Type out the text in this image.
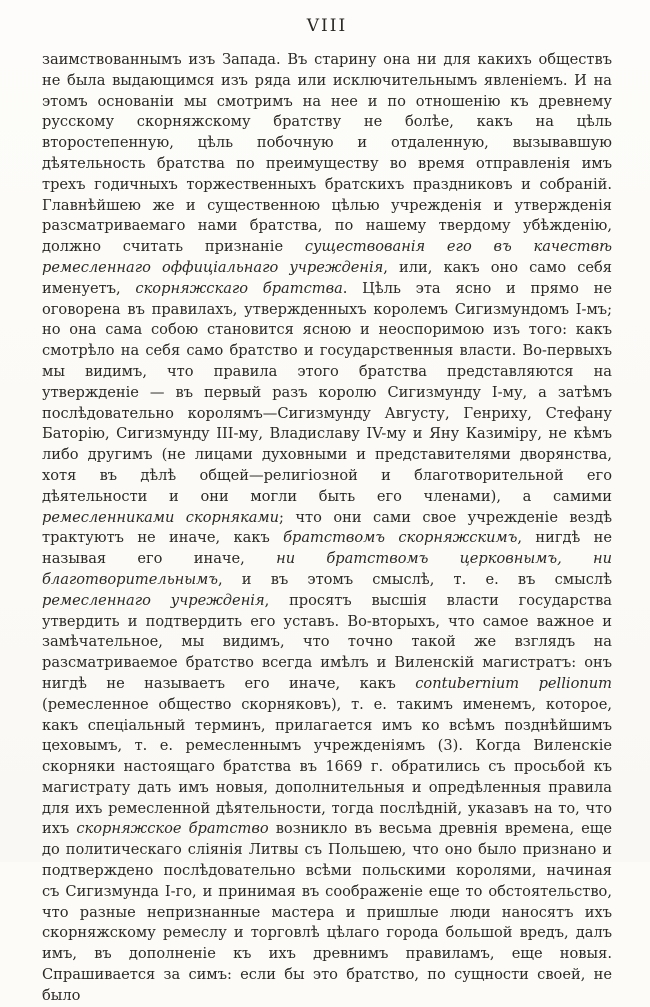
VIII

заимствованнымъ изъ Запада. Въ старину она ни для какихъ обществъ не была выдающимся изъ ряда или исключительнымъ явленіемъ. И на этомъ основаніи мы смотримъ на нее и по отношенію къ древнему русскому скорняжскому братству не болѣе, какъ на цѣль второстепенную, цѣль побочную и отдаленную, вызывавшую дѣятельность братства по преимуществу во время отправленія имъ трехъ годичныхъ торжественныхъ братскихъ праздниковъ и собраній. Главнѣйшею же и существенною цѣлью учрежденія и утвержденія разсматриваемаго нами братства, по нашему твердому убѣжденію, должно считать признаніе существованія его въ качествѣ ремесленнаго оффиціальнаго учрежденія, или, какъ оно само себя именуетъ, скорняжскаго братства. Цѣль эта ясно и прямо не оговорена въ правилахъ, утвержденныхъ королемъ Сигизмундомъ I-мъ; но она сама собою становится ясною и неоспоримою изъ того: какъ смотрѣло на себя само братство и государственныя власти. Во-первыхъ мы видимъ, что правила этого братства представляются на утвержденіе — въ первый разъ королю Сигизмунду I-му, а затѣмъ послѣдовательно королямъ—Сигизмунду Августу, Генриху, Стефану Баторію, Сигизмунду III-му, Владиславу IV-му и Яну Казиміру, не кѣмъ либо другимъ (не лицами духовными и представителями дворянства, хотя въ дѣлѣ общей—религіозной и благотворительной его дѣятельности и они могли быть его членами), а самими ремесленниками скорняками; что они сами свое учрежденіе вездѣ трактуютъ не иначе, какъ братствомъ скорняжскимъ, нигдѣ не называя его иначе, ни братствомъ церковнымъ, ни благотворительнымъ, и въ этомъ смыслѣ, т. е. въ смыслѣ ремесленнаго учрежденія, просятъ высшія власти государства утвердить и подтвердить его уставъ. Во-вторыхъ, что самое важное и замѣчательное, мы видимъ, что точно такой же взглядъ на разсматриваемое братство всегда имѣлъ и Виленскій магистратъ: онъ нигдѣ не называетъ его иначе, какъ contubernium pellionum (ремесленное общество скорняковъ), т. е. такимъ именемъ, которое, какъ спеціальный терминъ, прилагается имъ ко всѣмъ позднѣйшимъ цеховымъ, т. е. ремесленнымъ учрежденіямъ (3). Когда Виленскіе скорняки настоящаго братства въ 1669 г. обратились съ просьбой къ магистрату дать имъ новыя, дополнительныя и опредѣленныя правила для ихъ ремесленной дѣятельности, тогда послѣдній, указавъ на то, что ихъ скорняжское братство возникло въ весьма древнія времена, еще до политическаго сліянія Литвы съ Польшею, что оно было признано и подтверждено послѣдовательно всѣми польскими королями, начиная съ Сигизмунда I-го, и принимая въ соображеніе еще то обстоятельство, что разные непризнанные мастера и пришлые люди наносятъ ихъ скорняжскому ремеслу и торговлѣ цѣлаго города большой вредъ, далъ имъ, въ дополненіе къ ихъ древнимъ правиламъ, еще новыя. Спрашивается за симъ: если бы это братство, по сущности своей, не было
